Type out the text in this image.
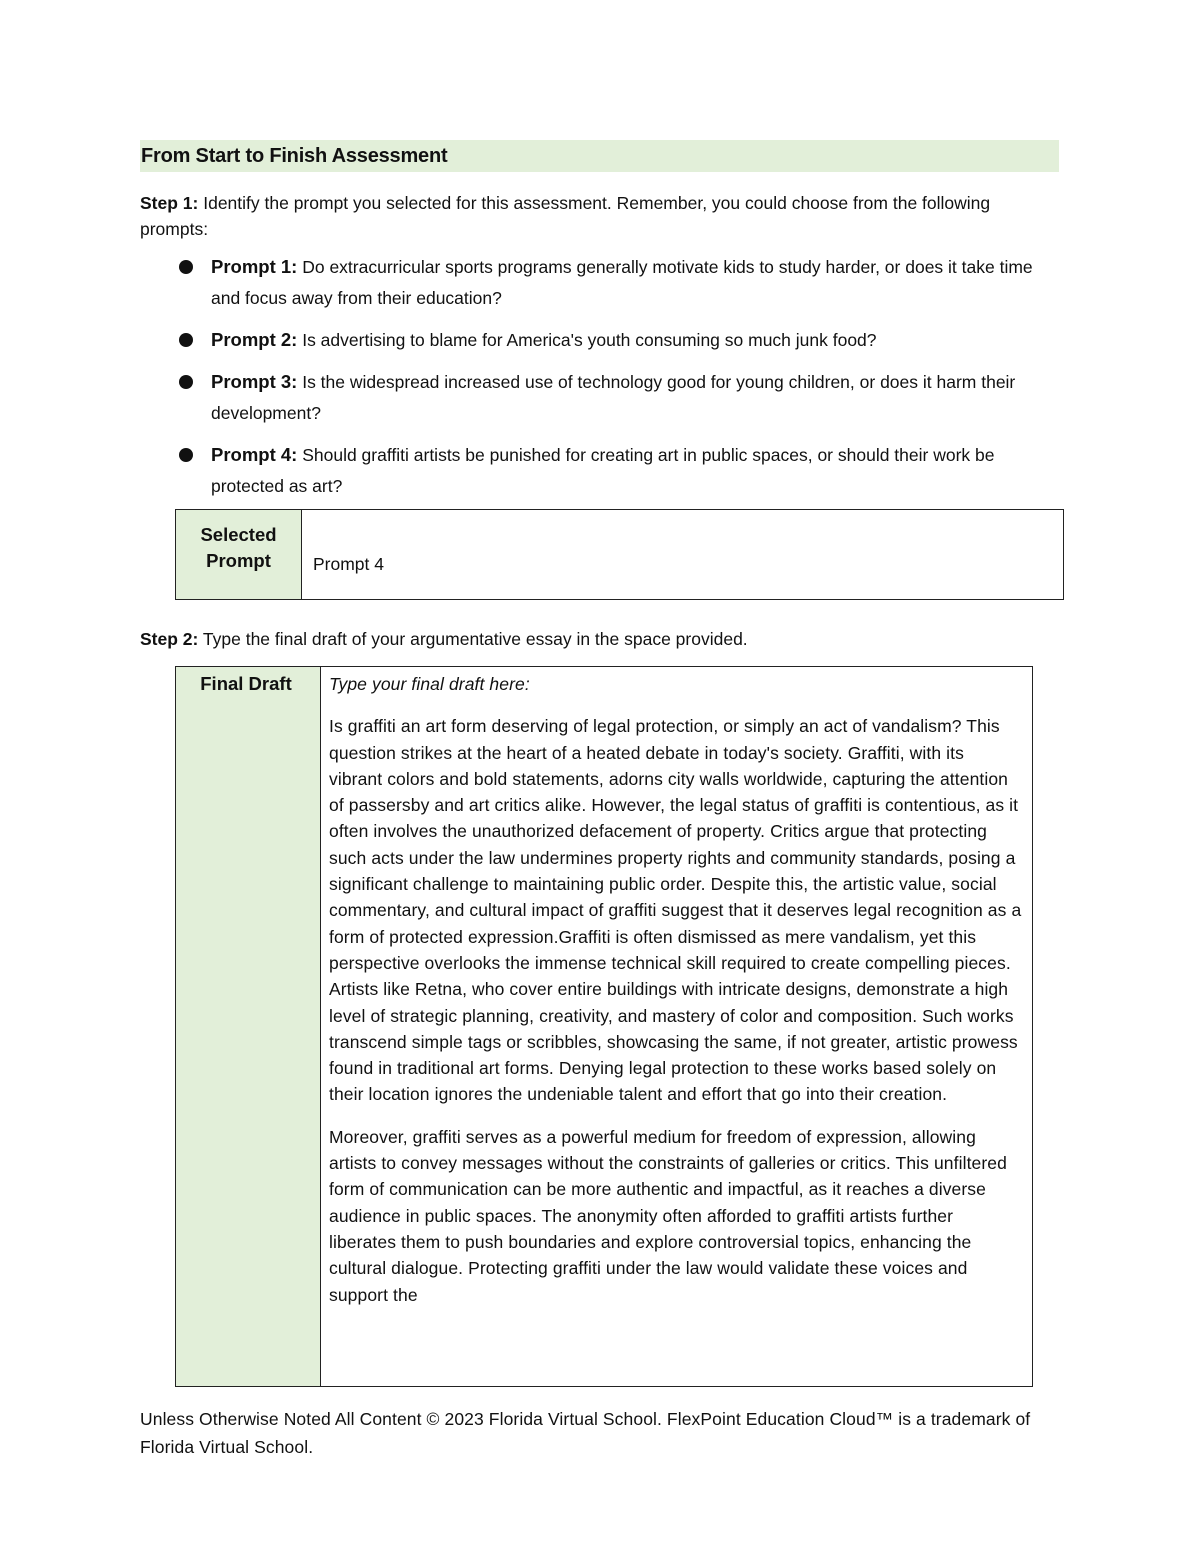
From Start to Finish Assessment
Step 1: Identify the prompt you selected for this assessment. Remember, you could choose from the following prompts:
Prompt 1: Do extracurricular sports programs generally motivate kids to study harder, or does it take time and focus away from their education?
Prompt 2: Is advertising to blame for America's youth consuming so much junk food?
Prompt 3: Is the widespread increased use of technology good for young children, or does it harm their development?
Prompt 4: Should graffiti artists be punished for creating art in public spaces, or should their work be protected as art?
Selected Prompt	Prompt 4
Step 2: Type the final draft of your argumentative essay in the space provided.
Final Draft	Type your final draft here:

Is graffiti an art form deserving of legal protection, or simply an act of vandalism? This question strikes at the heart of a heated debate in today's society. Graffiti, with its vibrant colors and bold statements, adorns city walls worldwide, capturing the attention of passersby and art critics alike. However, the legal status of graffiti is contentious, as it often involves the unauthorized defacement of property. Critics argue that protecting such acts under the law undermines property rights and community standards, posing a significant challenge to maintaining public order. Despite this, the artistic value, social commentary, and cultural impact of graffiti suggest that it deserves legal recognition as a form of protected expression.Graffiti is often dismissed as mere vandalism, yet this perspective overlooks the immense technical skill required to create compelling pieces. Artists like Retna, who cover entire buildings with intricate designs, demonstrate a high level of strategic planning, creativity, and mastery of color and composition. Such works transcend simple tags or scribbles, showcasing the same, if not greater, artistic prowess found in traditional art forms. Denying legal protection to these works based solely on their location ignores the undeniable talent and effort that go into their creation.

Moreover, graffiti serves as a powerful medium for freedom of expression, allowing artists to convey messages without the constraints of galleries or critics. This unfiltered form of communication can be more authentic and impactful, as it reaches a diverse audience in public spaces. The anonymity often afforded to graffiti artists further liberates them to push boundaries and explore controversial topics, enhancing the cultural dialogue. Protecting graffiti under the law would validate these voices and support the

Unless Otherwise Noted All Content © 2023 Florida Virtual School. FlexPoint Education Cloud™ is a trademark of Florida Virtual School.
